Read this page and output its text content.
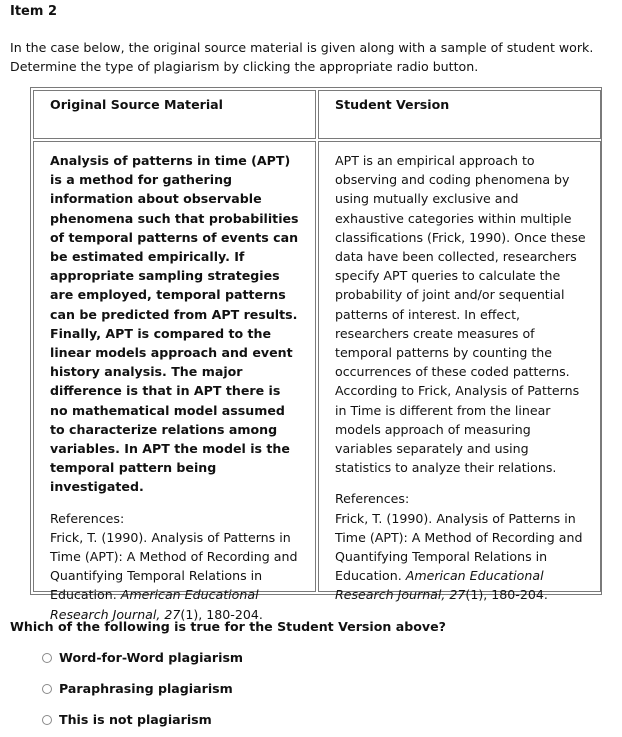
Item 2
In the case below, the original source material is given along with a sample of student work. Determine the type of plagiarism by clicking the appropriate radio button.
Original Source Material	Student Version
Analysis of patterns in time (APT) is a method for gathering information about observable phenomena such that probabilities of temporal patterns of events can be estimated empirically. If appropriate sampling strategies are employed, temporal patterns can be predicted from APT results. Finally, APT is compared to the linear models approach and event history analysis. The major difference is that in APT there is no mathematical model assumed to characterize relations among variables. In APT the model is the temporal pattern being investigated.
References:
Frick, T. (1990). Analysis of Patterns in Time (APT): A Method of Recording and Quantifying Temporal Relations in Education. American Educational Research Journal, 27(1), 180-204.
APT is an empirical approach to observing and coding phenomena by using mutually exclusive and exhaustive categories within multiple classifications (Frick, 1990). Once these data have been collected, researchers specify APT queries to calculate the probability of joint and/or sequential patterns of interest. In effect, researchers create measures of temporal patterns by counting the occurrences of these coded patterns. According to Frick, Analysis of Patterns in Time is different from the linear models approach of measuring variables separately and using statistics to analyze their relations.
References:
Frick, T. (1990). Analysis of Patterns in Time (APT): A Method of Recording and Quantifying Temporal Relations in Education. American Educational Research Journal, 27(1), 180-204.
Which of the following is true for the Student Version above?
Word-for-Word plagiarism
Paraphrasing plagiarism
This is not plagiarism
